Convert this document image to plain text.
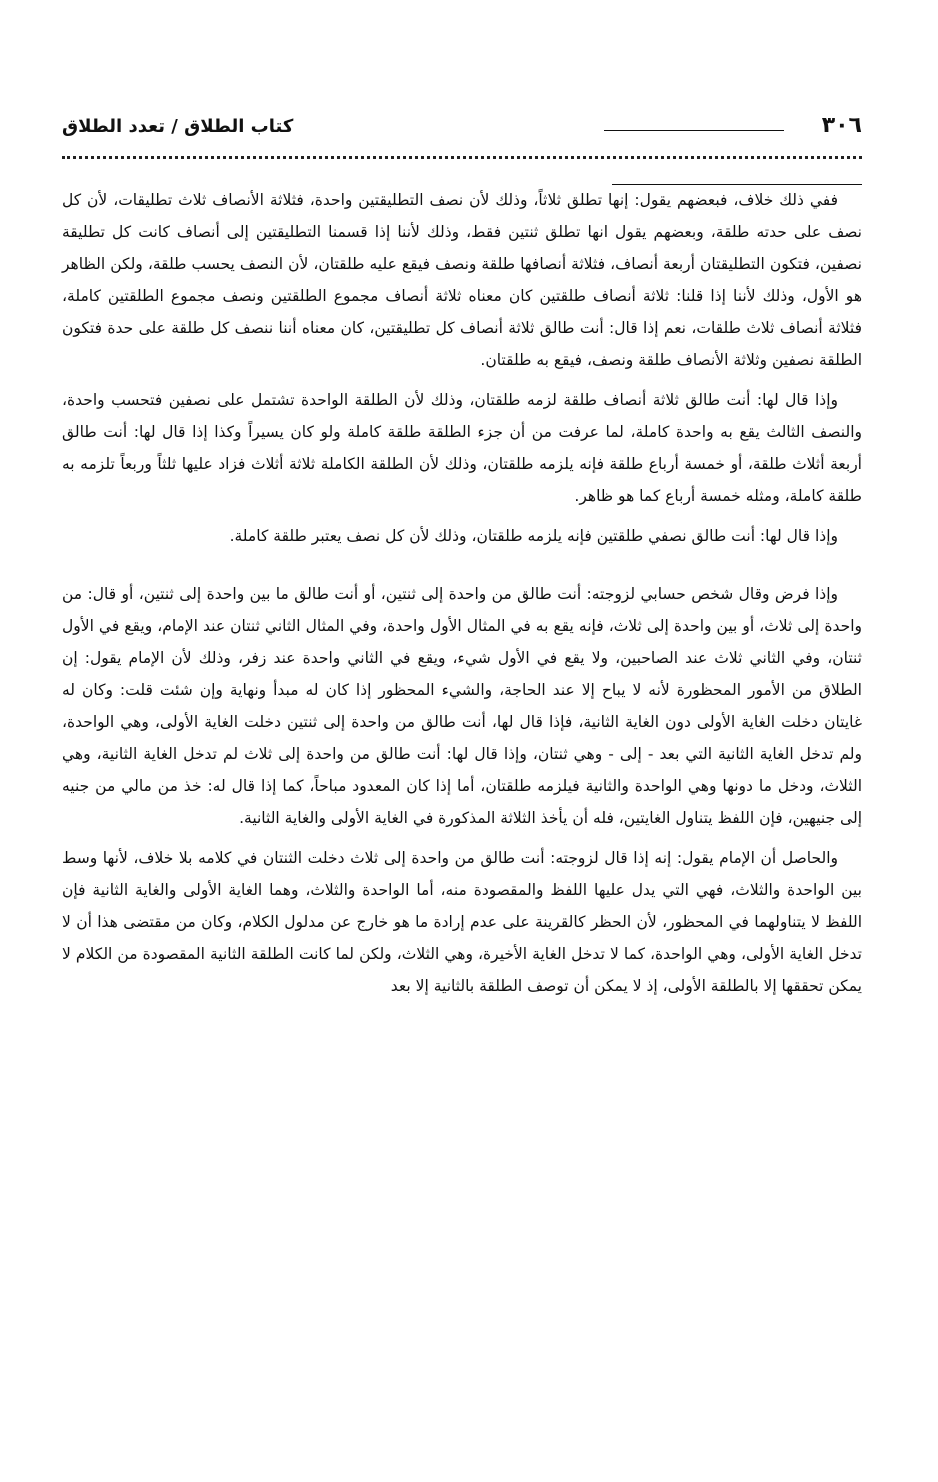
٣٠٦
كتاب الطلاق / تعدد الطلاق

ففي ذلك خلاف، فبعضهم يقول: إنها تطلق ثلاثاً، وذلك لأن نصف التطليقتين واحدة، فثلاثة الأنصاف ثلاث تطليقات، لأن كل نصف على حدته طلقة، وبعضهم يقول انها تطلق ثنتين فقط، وذلك لأننا إذا قسمنا التطليقتين إلى أنصاف كانت كل تطليقة نصفين، فتكون التطليقتان أربعة أنصاف، فثلاثة أنصافها طلقة ونصف فيقع عليه طلقتان، لأن النصف يحسب طلقة، ولكن الظاهر هو الأول، وذلك لأننا إذا قلنا: ثلاثة أنصاف طلقتين كان معناه ثلاثة أنصاف مجموع الطلقتين ونصف مجموع الطلقتين كاملة، فثلاثة أنصاف ثلاث طلقات، نعم إذا قال: أنت طالق ثلاثة أنصاف كل تطليقتين، كان معناه أننا ننصف كل طلقة على حدة فتكون الطلقة نصفين وثلاثة الأنصاف طلقة ونصف، فيقع به طلقتان.

وإذا قال لها: أنت طالق ثلاثة أنصاف طلقة لزمه طلقتان، وذلك لأن الطلقة الواحدة تشتمل على نصفين فتحسب واحدة، والنصف الثالث يقع به واحدة كاملة، لما عرفت من أن جزء الطلقة طلقة كاملة ولو كان يسيراً وكذا إذا قال لها: أنت طالق أربعة أثلاث طلقة، أو خمسة أرباع طلقة فإنه يلزمه طلقتان، وذلك لأن الطلقة الكاملة ثلاثة أثلاث فزاد عليها ثلثاً وربعاً تلزمه به طلقة كاملة، ومثله خمسة أرباع كما هو ظاهر.

وإذا قال لها: أنت طالق نصفي طلقتين فإنه يلزمه طلقتان، وذلك لأن كل نصف يعتبر طلقة كاملة.

وإذا فرض وقال شخص حسابي لزوجته: أنت طالق من واحدة إلى ثنتين، أو أنت طالق ما بين واحدة إلى ثنتين، أو قال: من واحدة إلى ثلاث، أو بين واحدة إلى ثلاث، فإنه يقع به في المثال الأول واحدة، وفي المثال الثاني ثنتان عند الإمام، ويقع في الأول ثنتان، وفي الثاني ثلاث عند الصاحبين، ولا يقع في الأول شيء، ويقع في الثاني واحدة عند زفر، وذلك لأن الإمام يقول: إن الطلاق من الأمور المحظورة لأنه لا يباح إلا عند الحاجة، والشيء المحظور إذا كان له مبدأ ونهاية وإن شئت قلت: وكان له غايتان دخلت الغاية الأولى دون الغاية الثانية، فإذا قال لها، أنت طالق من واحدة إلى ثنتين دخلت الغاية الأولى، وهي الواحدة، ولم تدخل الغاية الثانية التي بعد - إلى - وهي ثنتان، وإذا قال لها: أنت طالق من واحدة إلى ثلاث لم تدخل الغاية الثانية، وهي الثلاث، ودخل ما دونها وهي الواحدة والثانية فيلزمه طلقتان، أما إذا كان المعدود مباحاً، كما إذا قال له: خذ من مالي من جنيه إلى جنيهين، فإن اللفظ يتناول الغايتين، فله أن يأخذ الثلاثة المذكورة في الغاية الأولى والغاية الثانية.

والحاصل أن الإمام يقول: إنه إذا قال لزوجته: أنت طالق من واحدة إلى ثلاث دخلت الثنتان في كلامه بلا خلاف، لأنها وسط بين الواحدة والثلاث، فهي التي يدل عليها اللفظ والمقصودة منه، أما الواحدة والثلاث، وهما الغاية الأولى والغاية الثانية فإن اللفظ لا يتناولهما في المحظور، لأن الحظر كالقرينة على عدم إرادة ما هو خارج عن مدلول الكلام، وكان من مقتضى هذا أن لا تدخل الغاية الأولى، وهي الواحدة، كما لا تدخل الغاية الأخيرة، وهي الثلاث، ولكن لما كانت الطلقة الثانية المقصودة من الكلام لا يمكن تحققها إلا بالطلقة الأولى، إذ لا يمكن أن توصف الطلقة بالثانية إلا بعد
